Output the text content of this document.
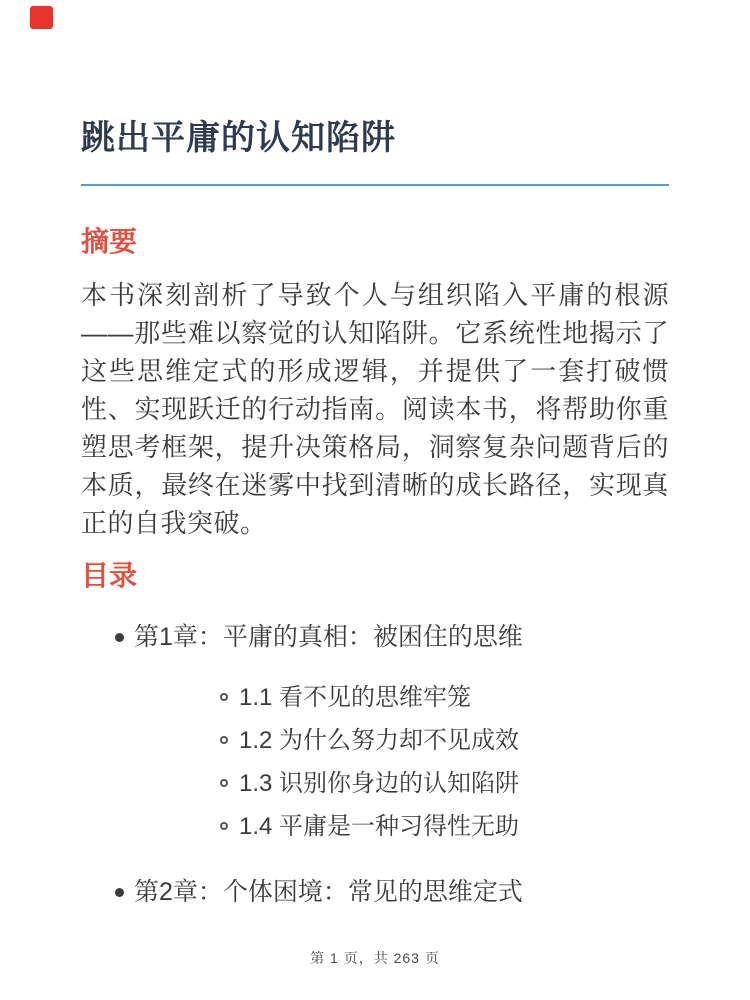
跳出平庸的认知陷阱
摘要

本书深刻剖析了导致个人与组织陷入平庸的根源——那些难以察觉的认知陷阱。它系统性地揭示了这些思维定式的形成逻辑，并提供了一套打破惯性、实现跃迁的行动指南。阅读本书，将帮助你重塑思考框架，提升决策格局，洞察复杂问题背后的本质，最终在迷雾中找到清晰的成长路径，实现真正的自我突破。

目录
第1章：平庸的真相：被困住的思维
1.1 看不见的思维牢笼
1.2 为什么努力却不见成效
1.3 识别你身边的认知陷阱
1.4 平庸是一种习得性无助
第2章：个体困境：常见的思维定式
第 1 页，共 263 页
